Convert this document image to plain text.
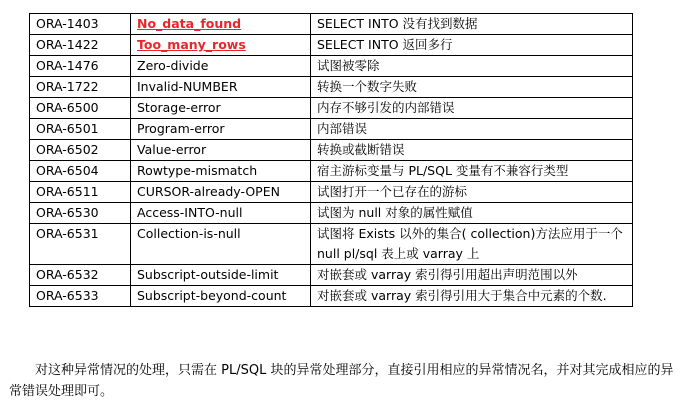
ORA-1403	No_data_found	SELECT INTO 没有找到数据
ORA-1422	Too_many_rows	SELECT INTO 返回多行
ORA-1476	Zero-divide	试图被零除
ORA-1722	Invalid-NUMBER	转换一个数字失败
ORA-6500	Storage-error	内存不够引发的内部错误
ORA-6501	Program-error	内部错误
ORA-6502	Value-error	转换或截断错误
ORA-6504	Rowtype-mismatch	宿主游标变量与 PL/SQL 变量有不兼容行类型
ORA-6511	CURSOR-already-OPEN	试图打开一个已存在的游标
ORA-6530	Access-INTO-null	试图为 null 对象的属性赋值
ORA-6531	Collection-is-null	试图将 Exists 以外的集合( collection)方法应用于一个 null pl/sql 表上或 varray 上
ORA-6532	Subscript-outside-limit	对嵌套或 varray 索引得引用超出声明范围以外
ORA-6533	Subscript-beyond-count	对嵌套或 varray 索引得引用大于集合中元素的个数.

对这种异常情况的处理，只需在 PL/SQL 块的异常处理部分，直接引用相应的异常情况名，并对其完成相应的异常错误处理即可。
